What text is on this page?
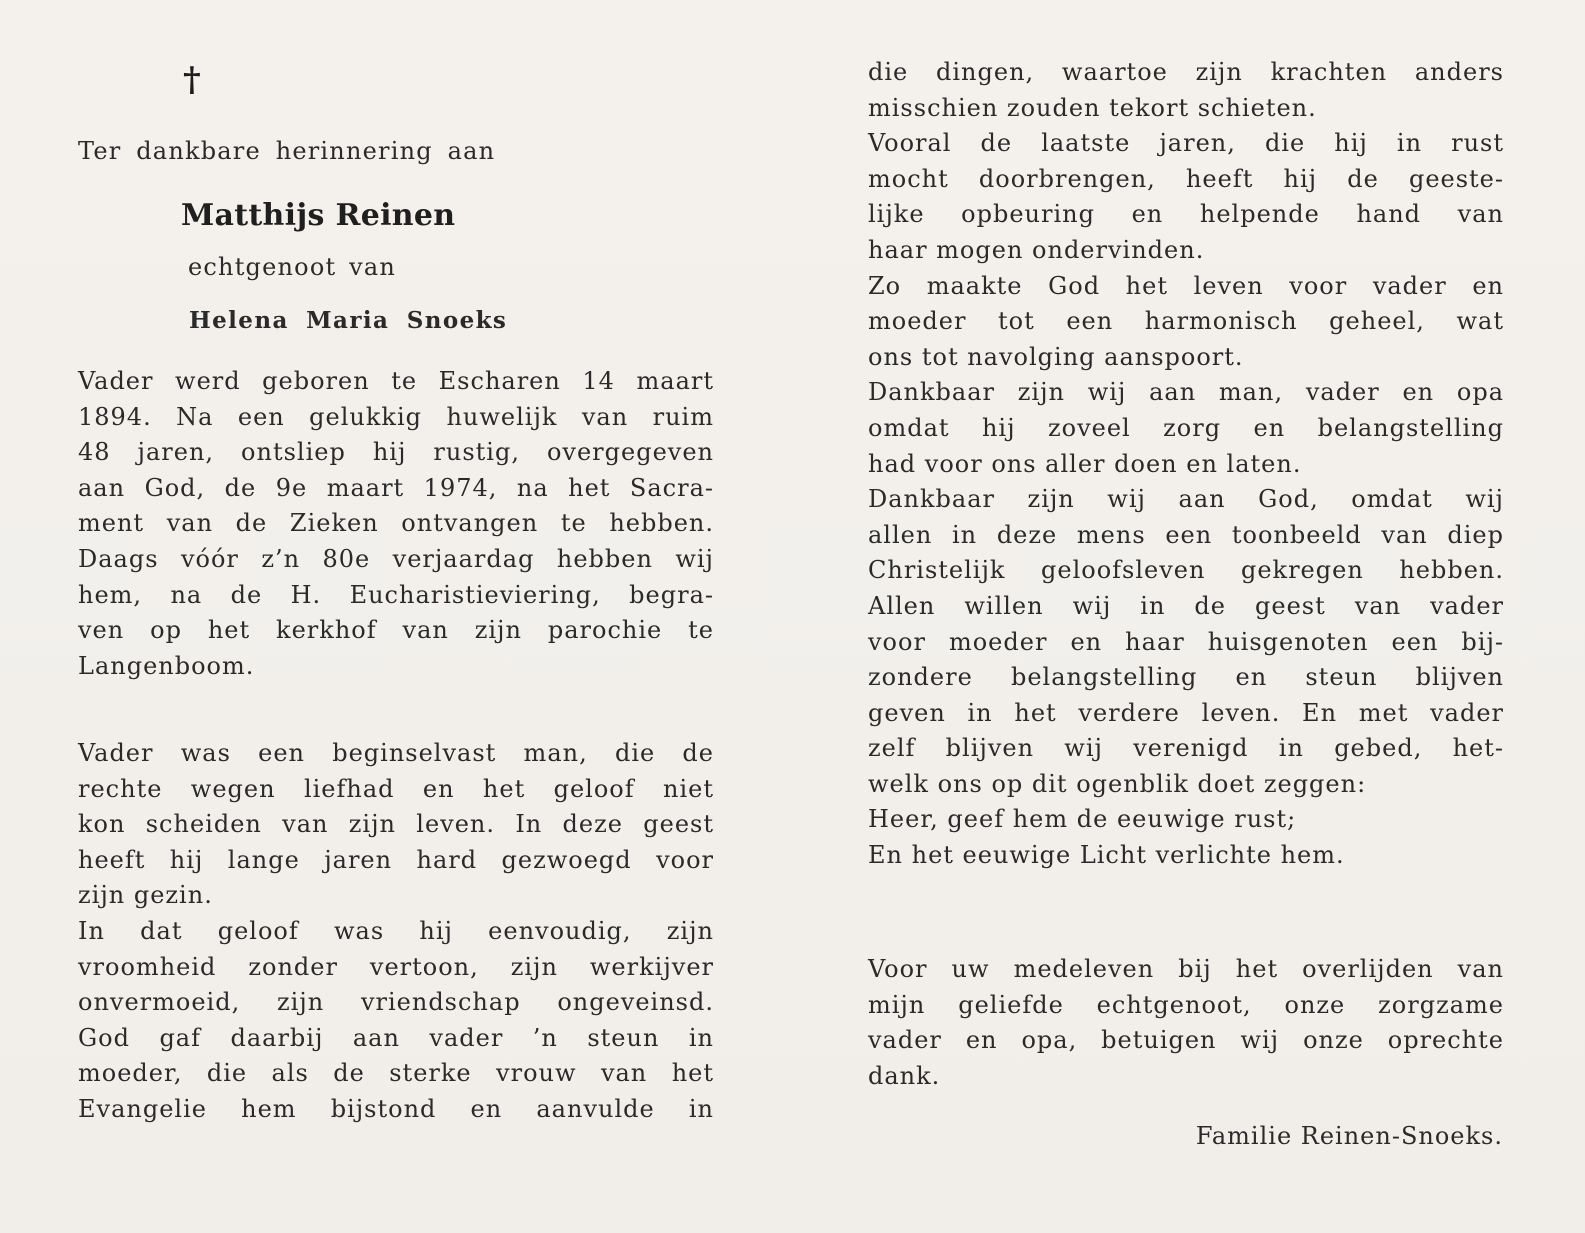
†
Ter dankbare herinnering aan
Matthijs Reinen
echtgenoot van
Helena Maria Snoeks
Vader werd geboren te Escharen 14 maart
1894. Na een gelukkig huwelijk van ruim
48 jaren, ontsliep hij rustig, overgegeven
aan God, de 9e maart 1974, na het Sacra-
ment van de Zieken ontvangen te hebben.
Daags vóór z’n 80e verjaardag hebben wij
hem, na de H. Eucharistieviering, begra-
ven op het kerkhof van zijn parochie te
Langenboom.
Vader was een beginselvast man, die de
rechte wegen liefhad en het geloof niet
kon scheiden van zijn leven. In deze geest
heeft hij lange jaren hard gezwoegd voor
zijn gezin.
In dat geloof was hij eenvoudig, zijn
vroomheid zonder vertoon, zijn werkijver
onvermoeid, zijn vriendschap ongeveinsd.
God gaf daarbij aan vader ’n steun in
moeder, die als de sterke vrouw van het
Evangelie hem bijstond en aanvulde in
die dingen, waartoe zijn krachten anders
misschien zouden tekort schieten.
Vooral de laatste jaren, die hij in rust
mocht doorbrengen, heeft hij de geeste-
lijke opbeuring en helpende hand van
haar mogen ondervinden.
Zo maakte God het leven voor vader en
moeder tot een harmonisch geheel, wat
ons tot navolging aanspoort.
Dankbaar zijn wij aan man, vader en opa
omdat hij zoveel zorg en belangstelling
had voor ons aller doen en laten.
Dankbaar zijn wij aan God, omdat wij
allen in deze mens een toonbeeld van diep
Christelijk geloofsleven gekregen hebben.
Allen willen wij in de geest van vader
voor moeder en haar huisgenoten een bij-
zondere belangstelling en steun blijven
geven in het verdere leven. En met vader
zelf blijven wij verenigd in gebed, het-
welk ons op dit ogenblik doet zeggen:
Heer, geef hem de eeuwige rust;
En het eeuwige Licht verlichte hem.
Voor uw medeleven bij het overlijden van
mijn geliefde echtgenoot, onze zorgzame
vader en opa, betuigen wij onze oprechte
dank.
Familie Reinen-Snoeks.
